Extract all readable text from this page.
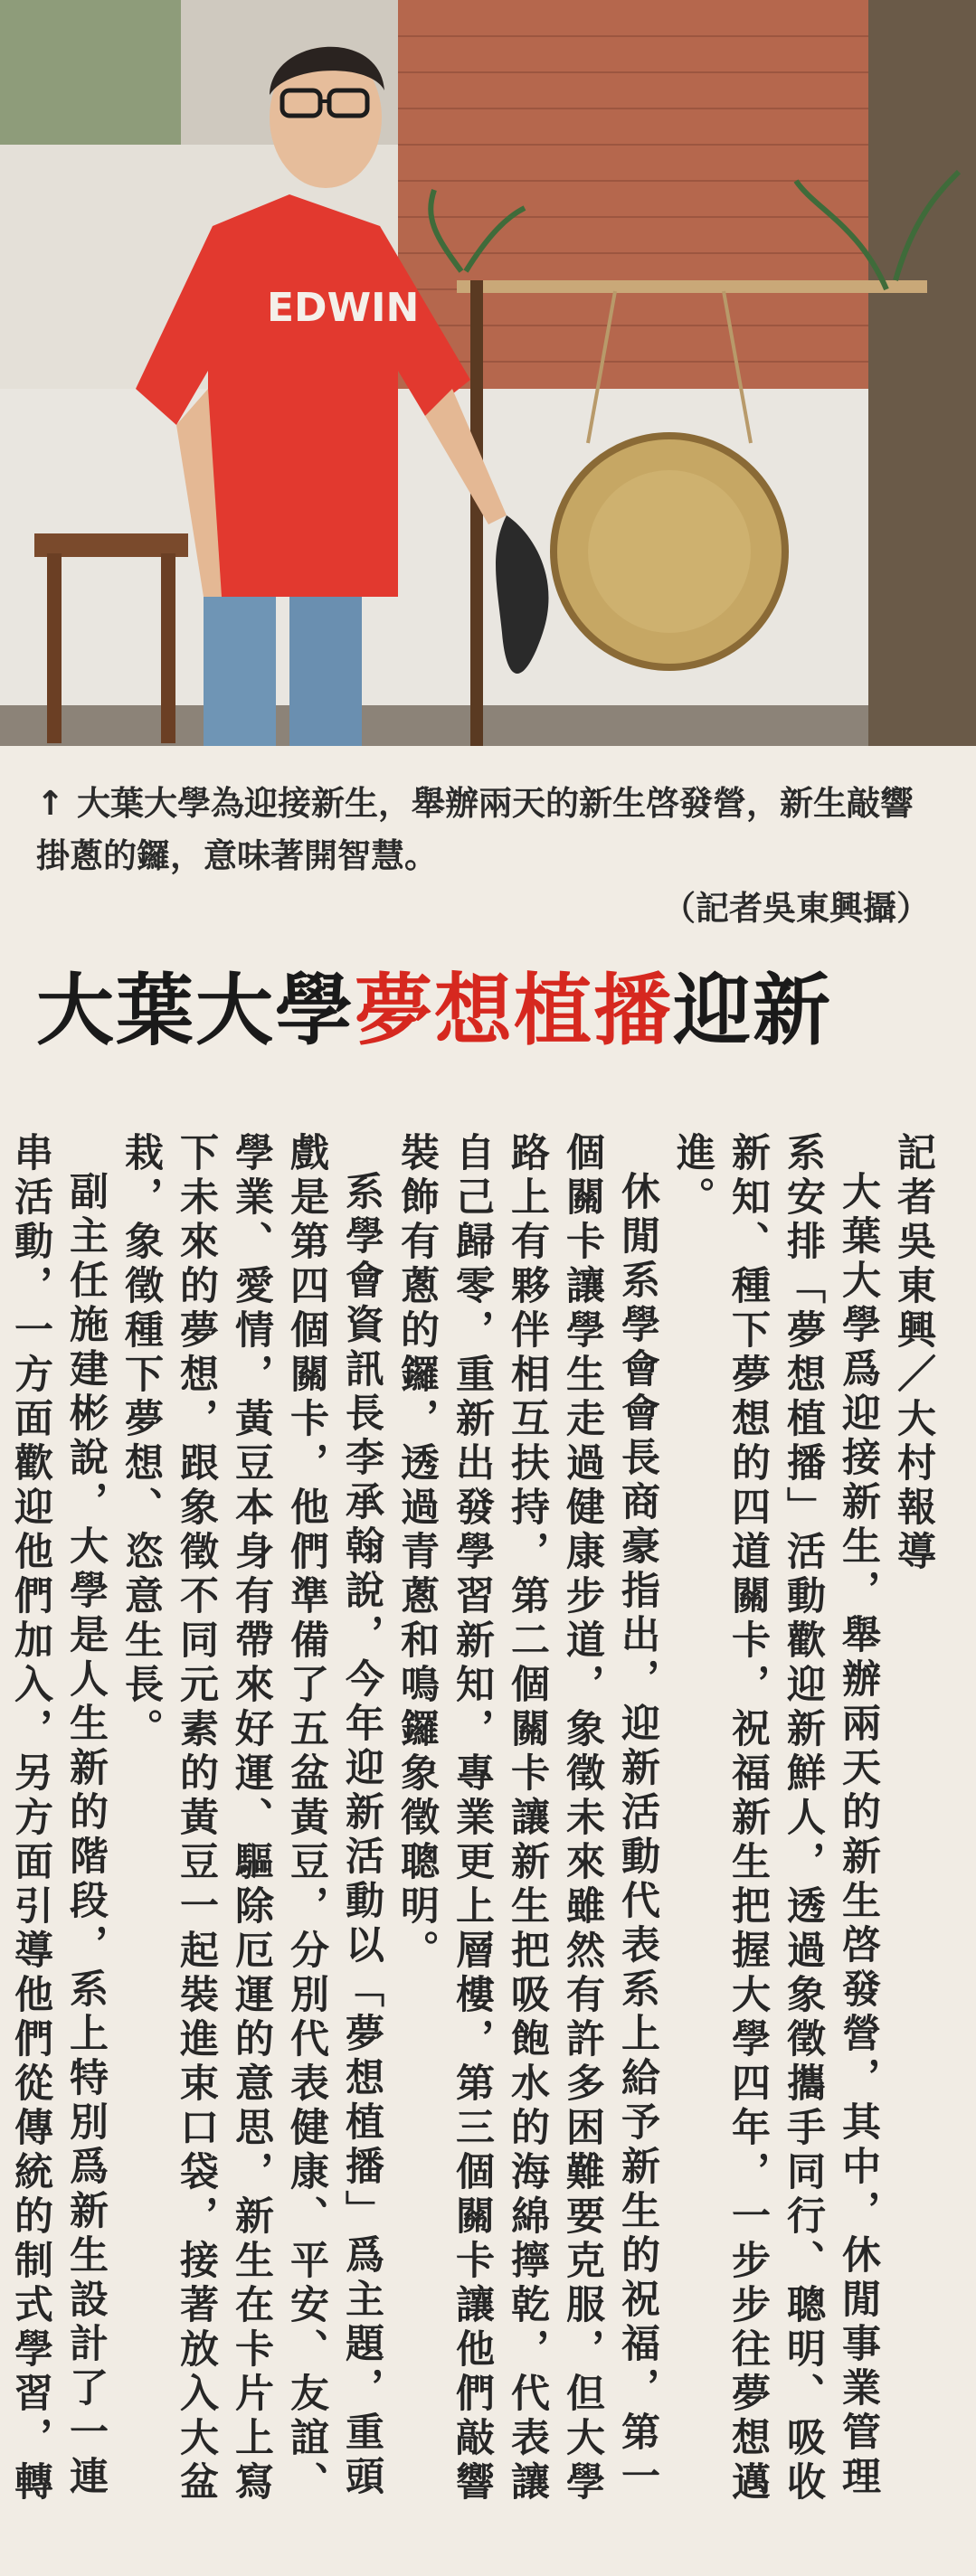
EDWIN
↑ 大葉大學為迎接新生，舉辦兩天的新生啓發營，新生敲響掛蔥的鑼，意味著開智慧。
（記者吳東興攝）
大葉大學夢想植播迎新

記者吳東興／大村報導

大葉大學爲迎接新生，舉辦兩天的新生啓發營，其中，休閒事業管理系安排「夢想植播」活動歡迎新鮮人，透過象徵攜手同行、聰明、吸收新知、種下夢想的四道關卡，祝福新生把握大學四年，一步步往夢想邁進。

休閒系學會會長商豪指出，迎新活動代表系上給予新生的祝福，第一個關卡讓學生走過健康步道，象徵未來雖然有許多困難要克服，但大學路上有夥伴相互扶持，第二個關卡讓新生把吸飽水的海綿擰乾，代表讓自己歸零，重新出發學習新知，專業更上層樓，第三個關卡讓他們敲響裝飾有蔥的鑼，透過青蔥和鳴鑼象徵聰明。

系學會資訊長李承翰說，今年迎新活動以「夢想植播」爲主題，重頭戲是第四個關卡，他們準備了五盆黃豆，分別代表健康、平安、友誼、學業、愛情，黃豆本身有帶來好運、驅除厄運的意思，新生在卡片上寫下未來的夢想，跟象徵不同元素的黃豆一起裝進束口袋，接著放入大盆栽，象徵種下夢想、恣意生長。

副主任施建彬說，大學是人生新的階段，系上特別爲新生設計了一連串活動，一方面歡迎他們加入，另方面引導他們從傳統的制式學習，轉
